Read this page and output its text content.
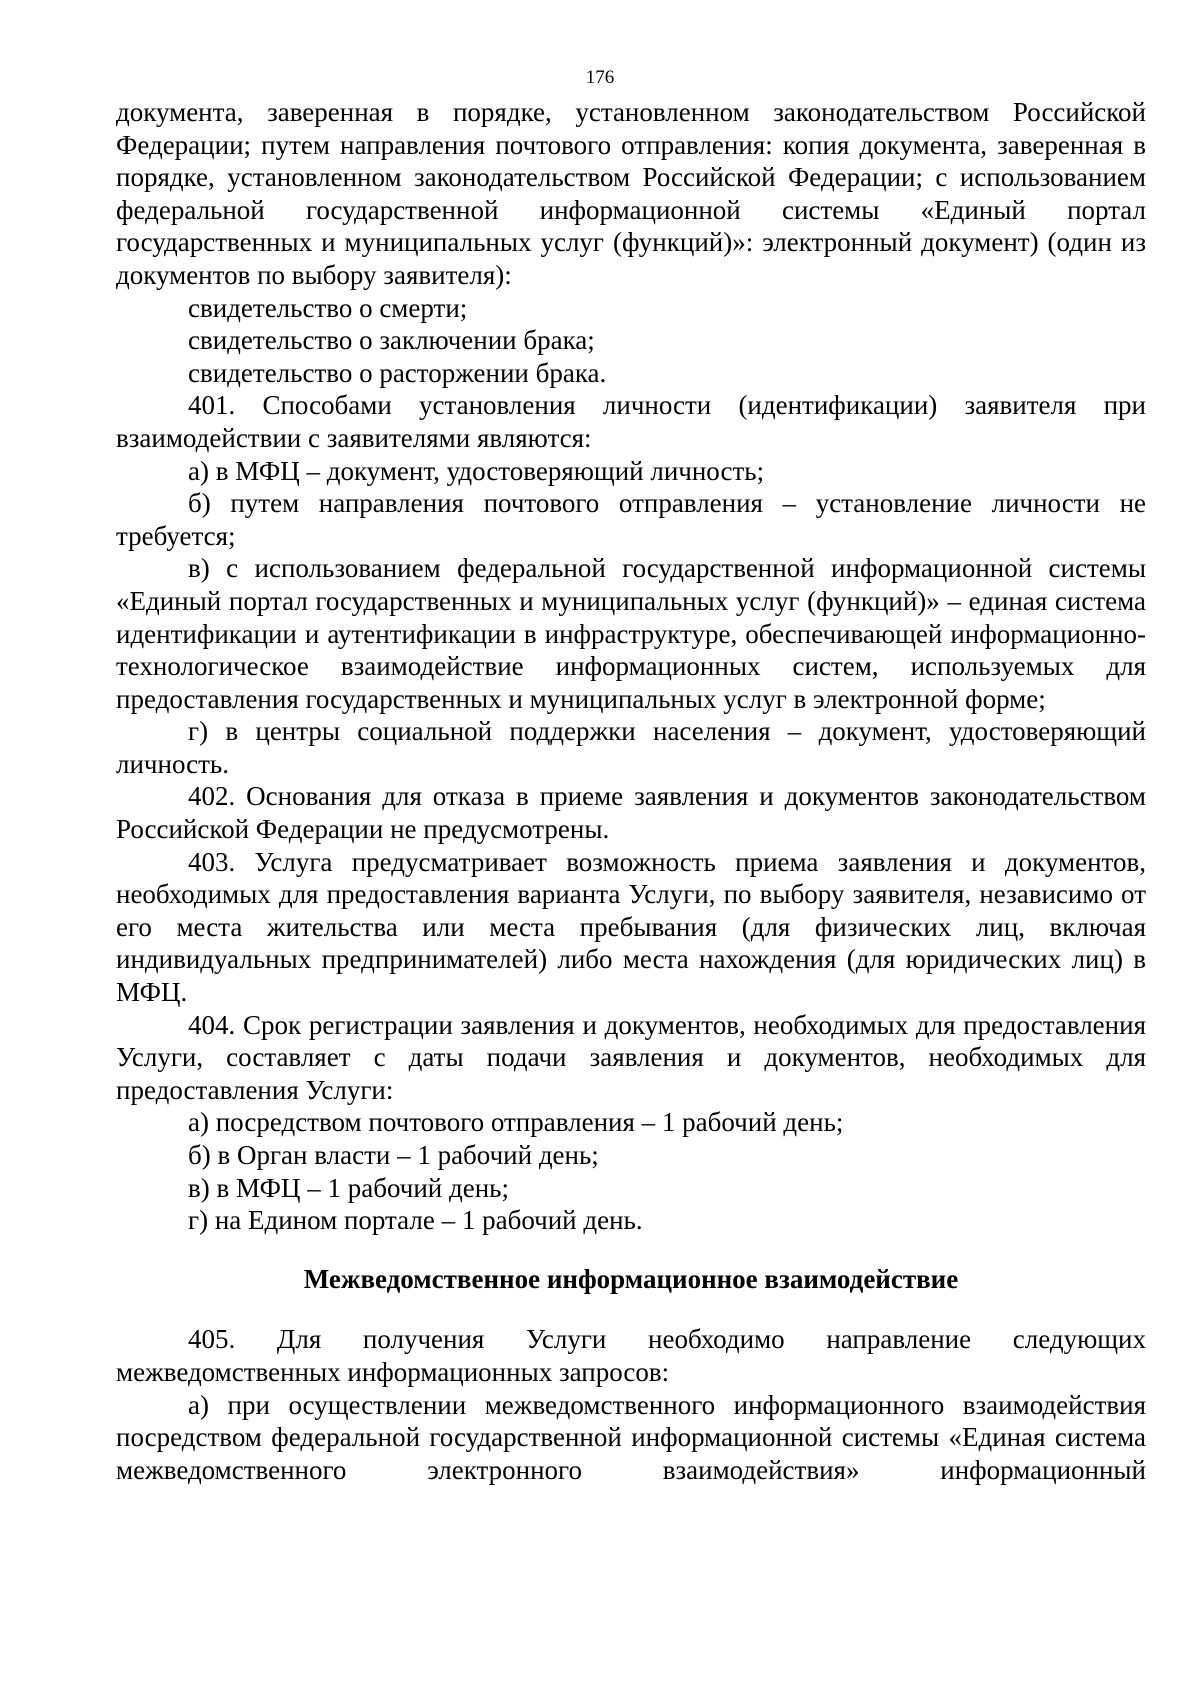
176

документа, заверенная в порядке, установленном законодательством Российской Федерации; путем направления почтового отправления: копия документа, заверенная в порядке, установленном законодательством Российской Федерации; с использованием федеральной государственной информационной системы «Единый портал государственных и муниципальных услуг (функций)»: электронный документ) (один из документов по выбору заявителя):

свидетельство о смерти;

свидетельство о заключении брака;

свидетельство о расторжении брака.

401. Способами установления личности (идентификации) заявителя при взаимодействии с заявителями являются:

а) в МФЦ – документ, удостоверяющий личность;

б) путем направления почтового отправления – установление личности не требуется;

в) с использованием федеральной государственной информационной системы «Единый портал государственных и муниципальных услуг (функций)» – единая система идентификации и аутентификации в инфраструктуре, обеспечивающей информационно-технологическое взаимодействие информационных систем, используемых для предоставления государственных и муниципальных услуг в электронной форме;

г) в центры социальной поддержки населения – документ, удостоверяющий личность.

402. Основания для отказа в приеме заявления и документов законодательством Российской Федерации не предусмотрены.

403. Услуга предусматривает возможность приема заявления и документов, необходимых для предоставления варианта Услуги, по выбору заявителя, независимо от его места жительства или места пребывания (для физических лиц, включая индивидуальных предпринимателей) либо места нахождения (для юридических лиц) в МФЦ.

404. Срок регистрации заявления и документов, необходимых для предоставления Услуги, составляет с даты подачи заявления и документов, необходимых для предоставления Услуги:

а) посредством почтового отправления – 1 рабочий день;

б) в Орган власти – 1 рабочий день;

в) в МФЦ – 1 рабочий день;

г) на Едином портале – 1 рабочий день.

Межведомственное информационное взаимодействие

405. Для получения Услуги необходимо направление следующих межведомственных информационных запросов:

а) при осуществлении межведомственного информационного взаимодействия посредством федеральной государственной информационной системы «Единая система межведомственного электронного взаимодействия» информационный
